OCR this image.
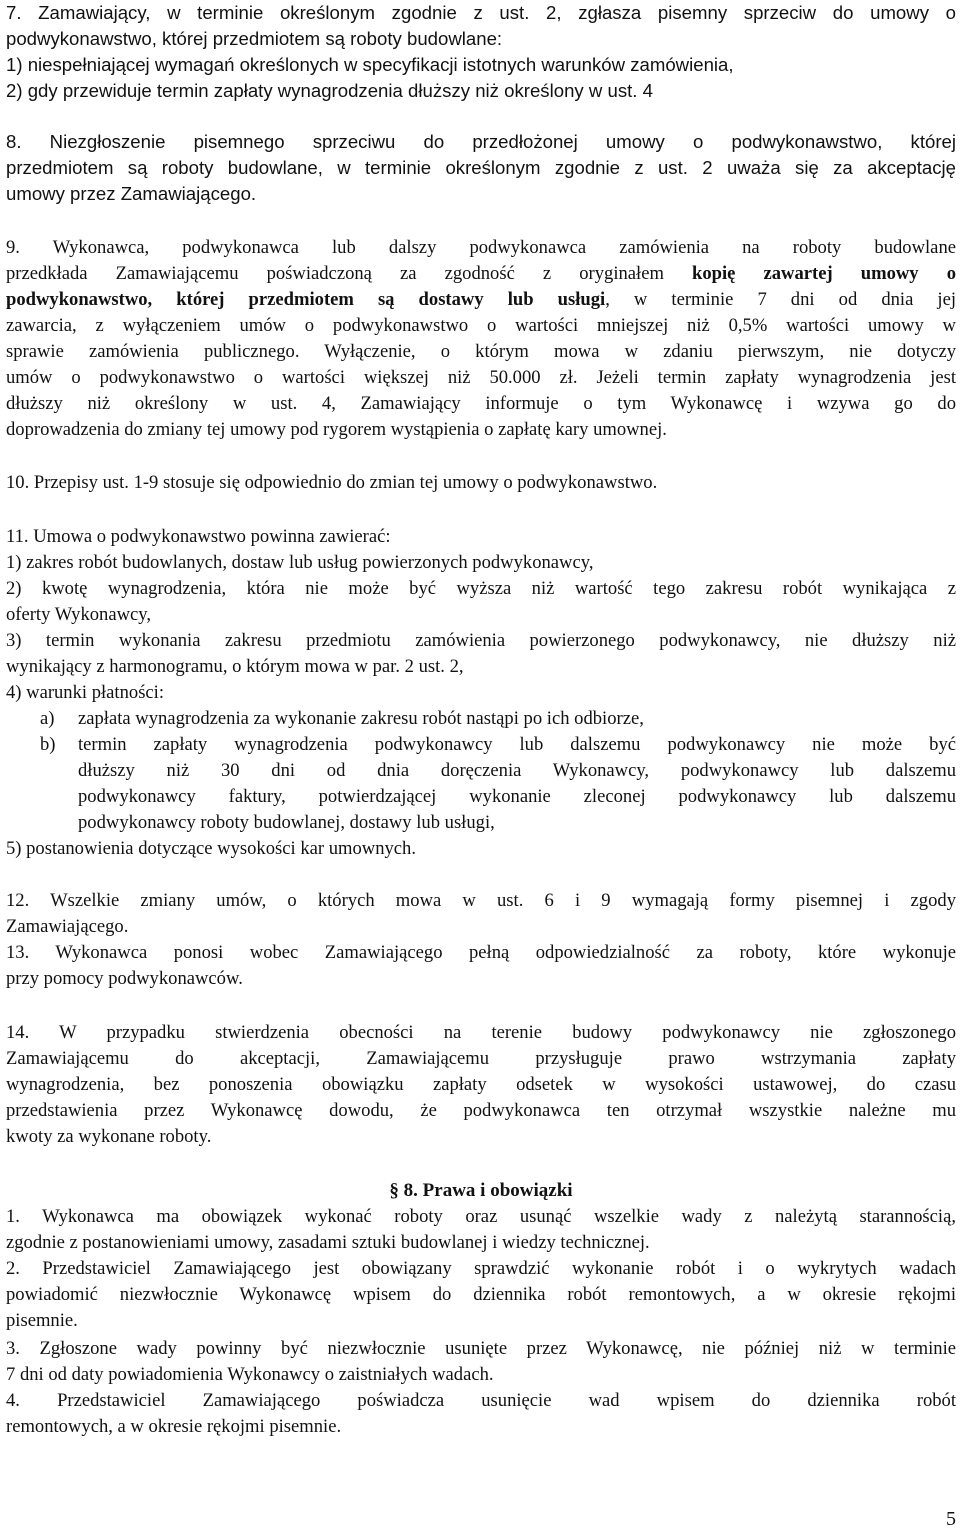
7. Zamawiający, w terminie określonym zgodnie z ust. 2, zgłasza pisemny sprzeciw do umowy o
podwykonawstwo, której przedmiotem są roboty budowlane:
1) niespełniającej wymagań określonych w specyfikacji istotnych warunków zamówienia,
2) gdy przewiduje termin zapłaty wynagrodzenia dłuższy niż określony w ust. 4
8. Niezgłoszenie pisemnego sprzeciwu do przedłożonej umowy o podwykonawstwo, której
przedmiotem są roboty budowlane, w terminie określonym zgodnie z ust. 2 uważa się za akceptację
umowy przez Zamawiającego.
9. Wykonawca, podwykonawca lub dalszy podwykonawca zamówienia na roboty budowlane
przedkłada Zamawiającemu poświadczoną za zgodność z oryginałem kopię zawartej umowy o
podwykonawstwo, której przedmiotem są dostawy lub usługi, w terminie 7 dni od dnia jej
zawarcia, z wyłączeniem umów o podwykonawstwo o wartości mniejszej niż 0,5% wartości umowy w
sprawie zamówienia publicznego. Wyłączenie, o którym mowa w zdaniu pierwszym, nie dotyczy
umów o podwykonawstwo o wartości większej niż 50.000 zł. Jeżeli termin zapłaty wynagrodzenia jest
dłuższy niż określony w ust. 4, Zamawiający informuje o tym Wykonawcę i wzywa go do
doprowadzenia do zmiany tej umowy pod rygorem wystąpienia o zapłatę kary umownej.
10. Przepisy ust. 1-9 stosuje się odpowiednio do zmian tej umowy o podwykonawstwo.
11. Umowa o podwykonawstwo powinna zawierać:
1) zakres robót budowlanych, dostaw lub usług powierzonych podwykonawcy,
2) kwotę wynagrodzenia, która nie może być wyższa niż wartość tego zakresu robót wynikająca z
oferty Wykonawcy,
3) termin wykonania zakresu przedmiotu zamówienia powierzonego podwykonawcy, nie dłuższy niż
wynikający z harmonogramu, o którym mowa w par. 2 ust. 2,
4) warunki płatności:
a)	zapłata wynagrodzenia za wykonanie zakresu robót nastąpi po ich odbiorze,
b)	termin zapłaty wynagrodzenia podwykonawcy lub dalszemu podwykonawcy nie może być
dłuższy niż 30 dni od dnia doręczenia Wykonawcy, podwykonawcy lub dalszemu
podwykonawcy faktury, potwierdzającej wykonanie zleconej podwykonawcy lub dalszemu
podwykonawcy roboty budowlanej, dostawy lub usługi,
5) postanowienia dotyczące wysokości kar umownych.
12. Wszelkie zmiany umów, o których mowa w ust. 6 i 9 wymagają formy pisemnej i zgody
Zamawiającego.
13. Wykonawca ponosi wobec Zamawiającego pełną odpowiedzialność za roboty, które wykonuje
przy pomocy podwykonawców.
14. W przypadku stwierdzenia obecności na terenie budowy podwykonawcy nie zgłoszonego
Zamawiającemu do akceptacji, Zamawiającemu przysługuje prawo wstrzymania zapłaty
wynagrodzenia, bez ponoszenia obowiązku zapłaty odsetek w wysokości ustawowej, do czasu
przedstawienia przez Wykonawcę dowodu, że podwykonawca ten otrzymał wszystkie należne mu
kwoty za wykonane roboty.
§ 8. Prawa i obowiązki
1. Wykonawca ma obowiązek wykonać roboty oraz usunąć wszelkie wady z należytą starannością,
zgodnie z postanowieniami umowy, zasadami sztuki budowlanej i wiedzy technicznej.
2. Przedstawiciel Zamawiającego jest obowiązany sprawdzić wykonanie robót i o wykrytych wadach
powiadomić niezwłocznie Wykonawcę wpisem do dziennika robót remontowych, a w okresie rękojmi
pisemnie.
3. Zgłoszone wady powinny być niezwłocznie usunięte przez Wykonawcę, nie później niż w terminie
7 dni od daty powiadomienia Wykonawcy o zaistniałych wadach.
4. Przedstawiciel Zamawiającego poświadcza usunięcie wad wpisem do dziennika robót
remontowych, a w okresie rękojmi pisemnie.
5
